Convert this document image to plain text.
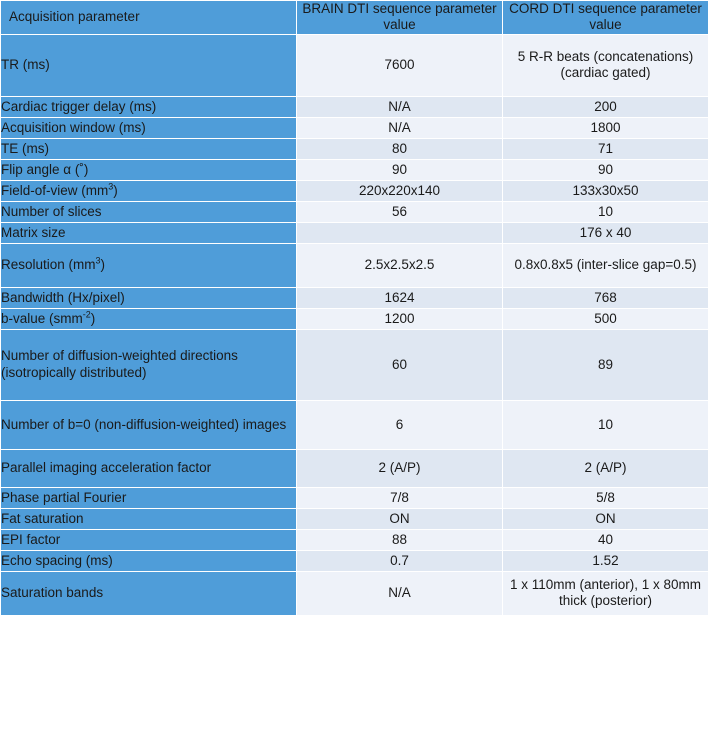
Acquisition parameter	BRAIN DTI sequence parameter value	CORD DTI sequence parameter value
TR (ms)	7600	5 R-R beats (concatenations) (cardiac gated)
Cardiac trigger delay (ms)	N/A	200
Acquisition window (ms)	N/A	1800
TE (ms)	80	71
Flip angle α (˚)	90	90
Field-of-view $(mm^3)$	220x220x140	133x30x50
Number of slices	56	10
Matrix size		176 x 40
Resolution $(mm^3)$	2.5x2.5x2.5	0.8x0.8x5 (inter-slice gap=0.5)
Bandwidth (Hx/pixel)	1624	768
b-value (smm$^{-2}$)	1200	500
Number of diffusion-weighted directions (isotropically distributed)	60	89
Number of b=0 (non-diffusion-weighted) images	6	10
Parallel imaging acceleration factor	2 (A/P)	2 (A/P)
Phase partial Fourier	7/8	5/8
Fat saturation	ON	ON
EPI factor	88	40
Echo spacing (ms)	0.7	1.52
Saturation bands	N/A	1 x 110mm (anterior), 1 x 80mm thick (posterior)
